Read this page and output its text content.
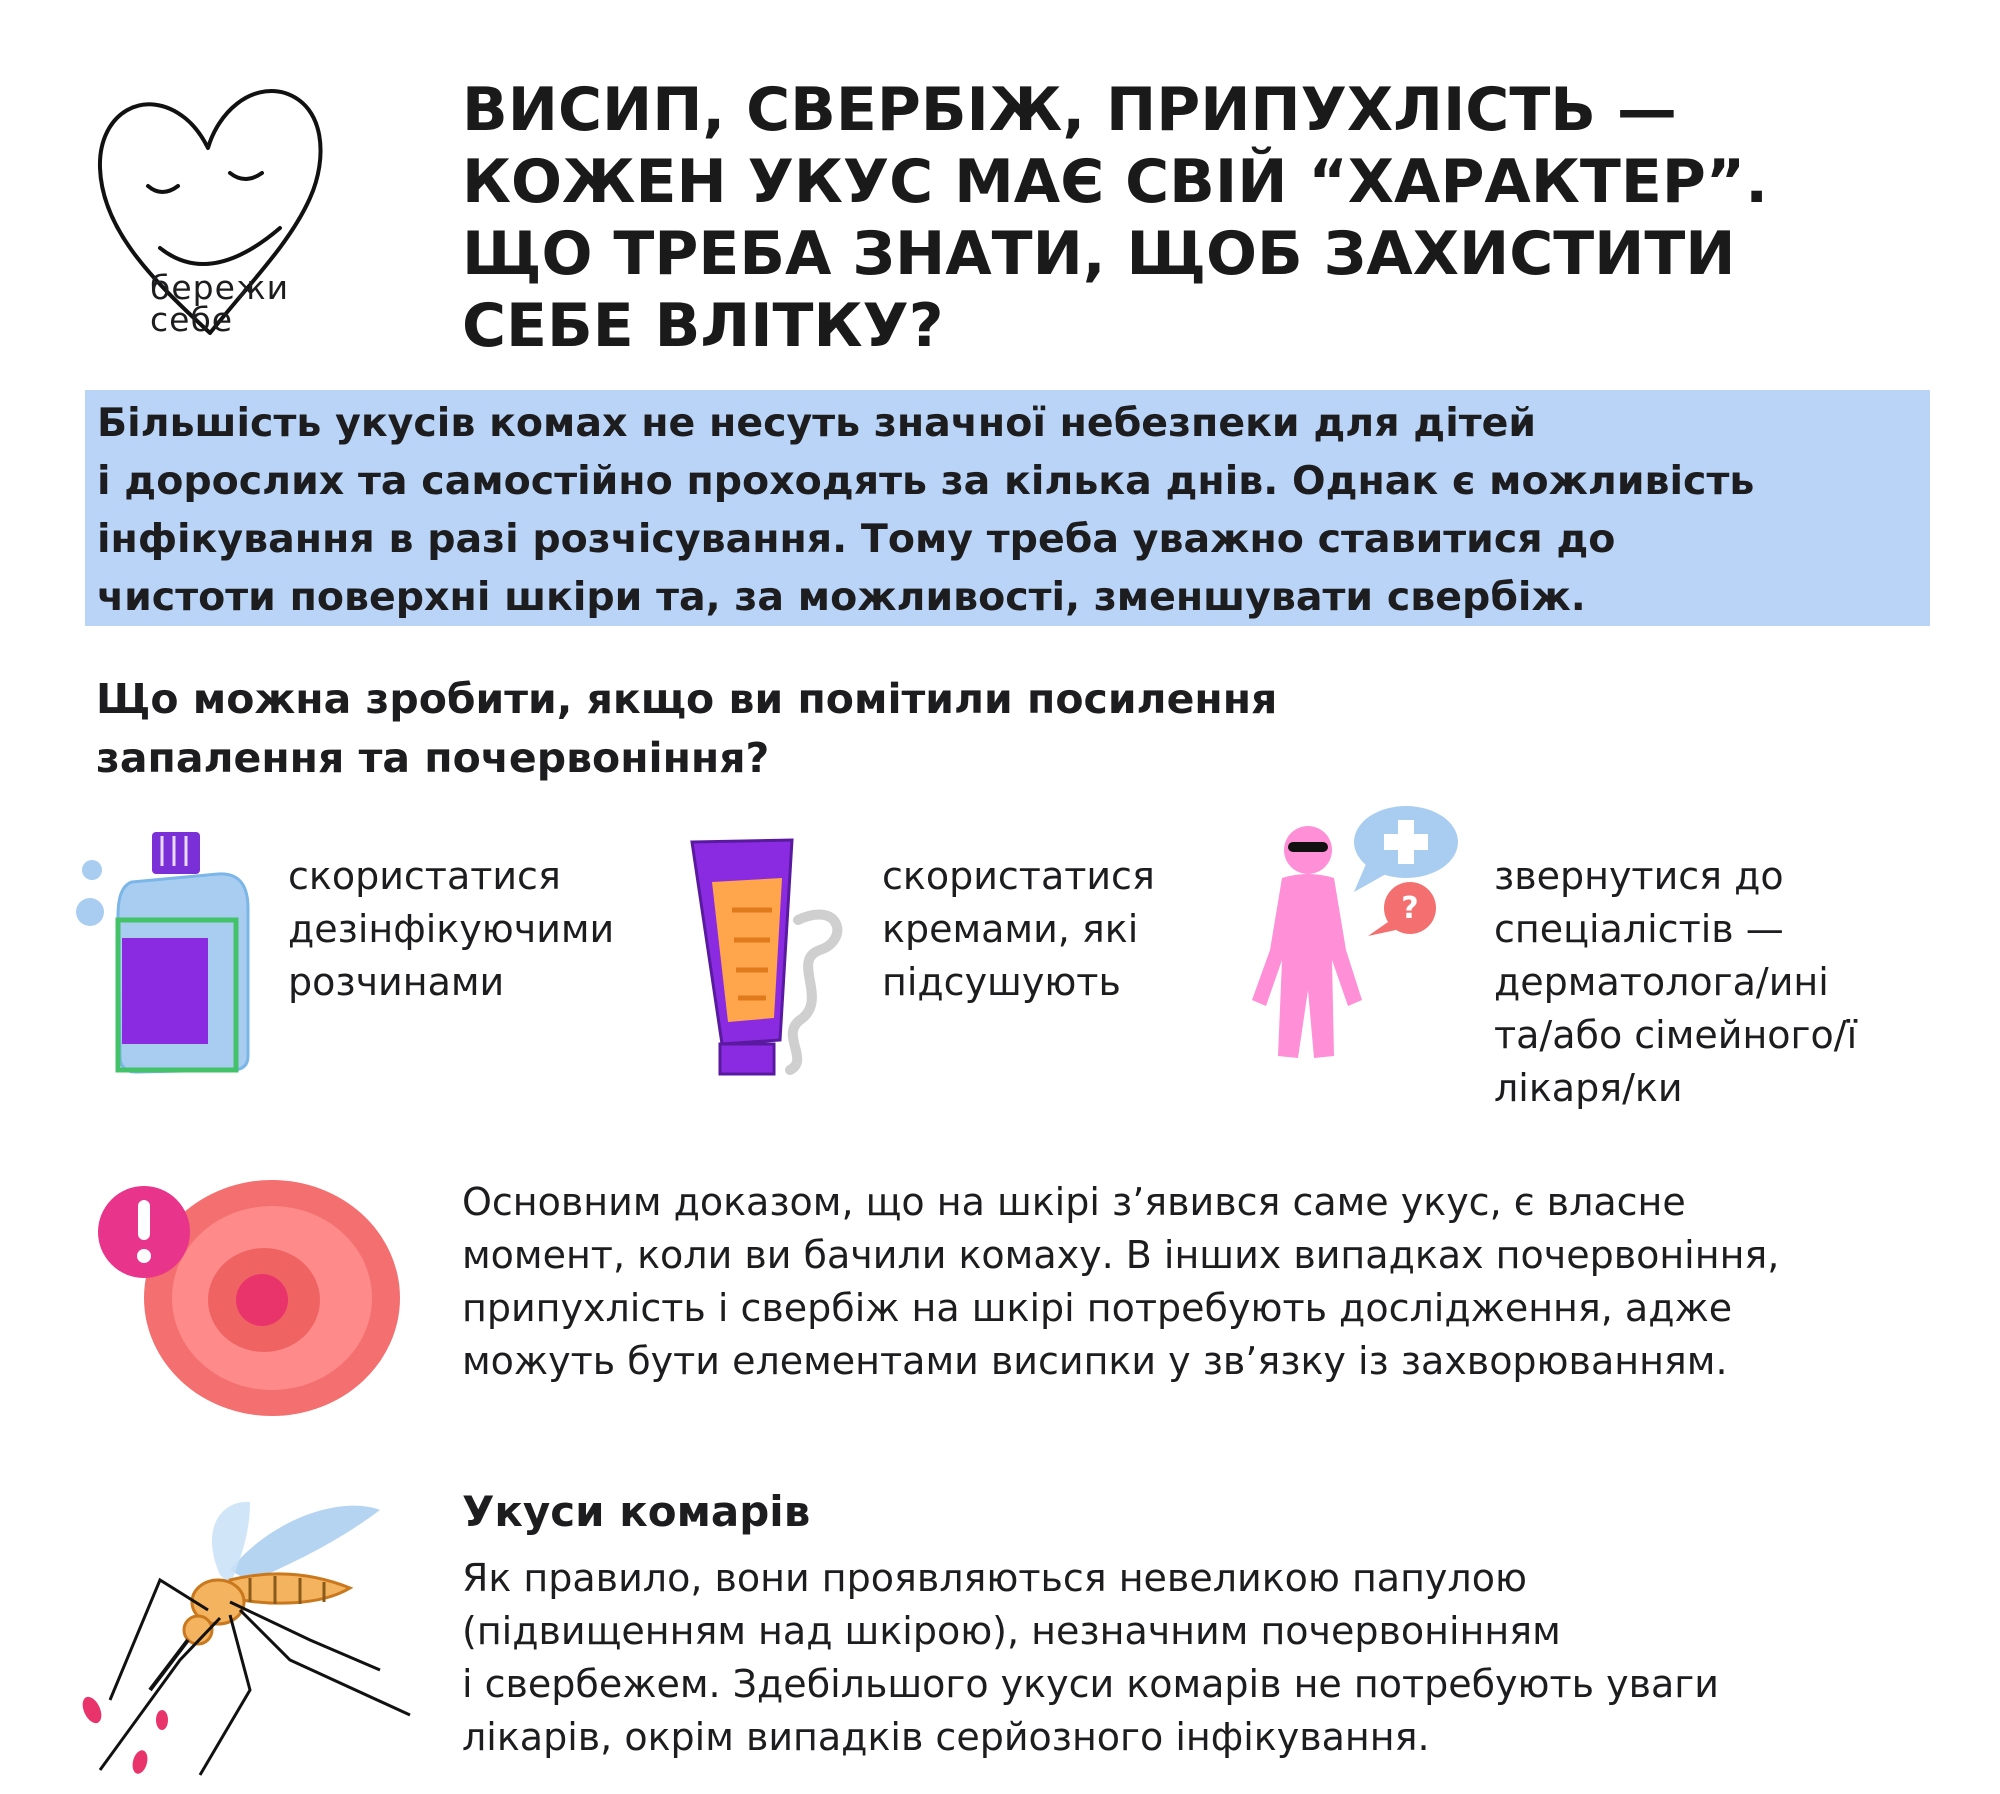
бережи
себе
ВИСИП, СВЕРБІЖ, ПРИПУХЛІСТЬ —
КОЖЕН УКУС МАЄ СВІЙ “ХАРАКТЕР”.
ЩО ТРЕБА ЗНАТИ, ЩОБ ЗАХИСТИТИ
СЕБЕ ВЛІТКУ?
Більшість укусів комах не несуть значної небезпеки для дітей
і дорослих та самостійно проходять за кілька днів. Однак є можливість
інфікування в разі розчісування. Тому треба уважно ставитися до
чистоти поверхні шкіри та, за можливості, зменшувати свербіж.
Що можна зробити, якщо ви помітили посилення
запалення та почервоніння?
скористатися
дезінфікуючими
розчинами
скористатися
кремами, які
підсушують
?
звернутися до
спеціалістів —
дерматолога/ині
та/або сімейного/ї
лікаря/ки
Основним доказом, що на шкірі з’явився саме укус, є власне
момент, коли ви бачили комаху. В інших випадках почервоніння,
припухлість і свербіж на шкірі потребують дослідження, адже
можуть бути елементами висипки у зв’язку із захворюванням.
Укуси комарів
Як правило, вони проявляються невеликою папулою
(підвищенням над шкірою), незначним почервонінням
і свербежем. Здебільшого укуси комарів не потребують уваги
лікарів, окрім випадків серйозного інфікування.
